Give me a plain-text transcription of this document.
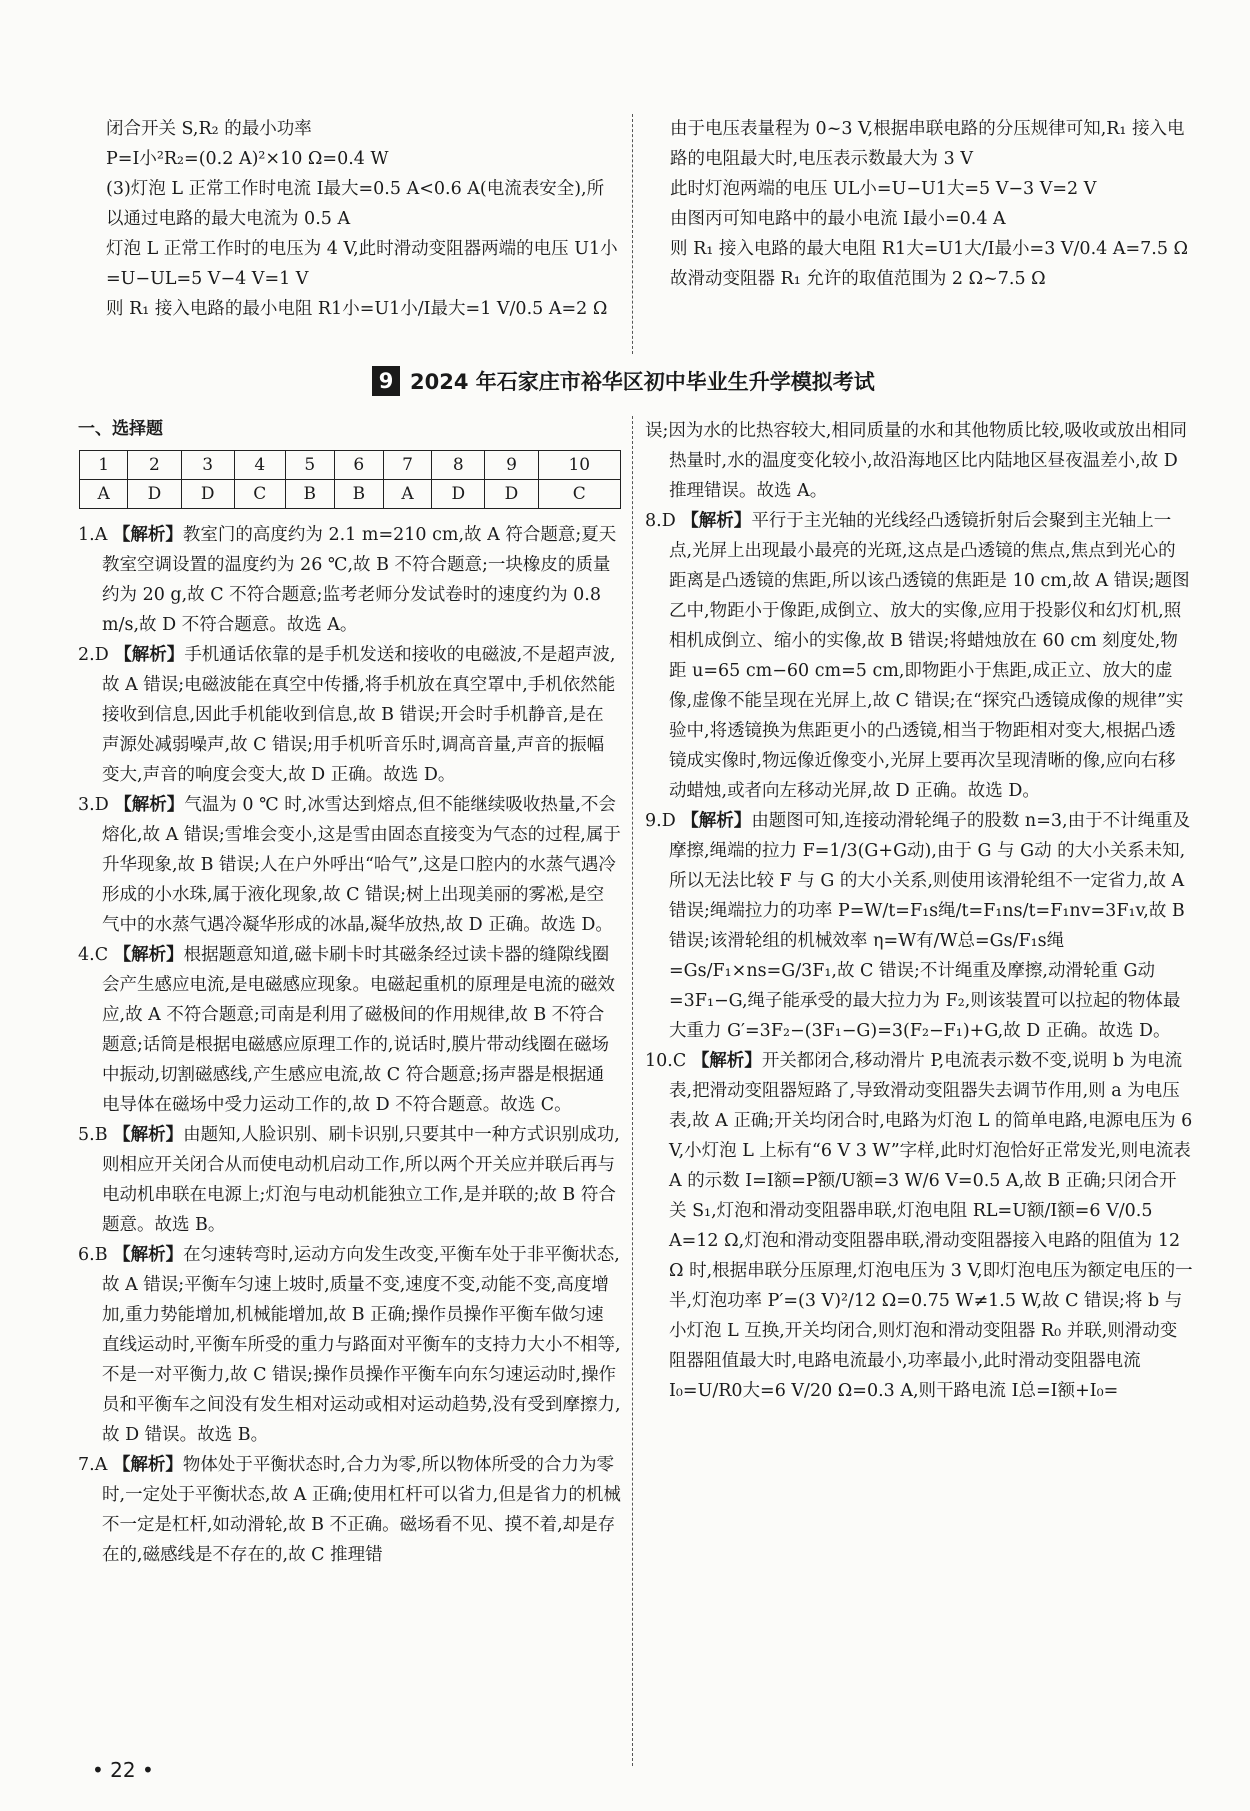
闭合开关 S,R₂ 的最小功率

P=I小²R₂=(0.2 A)²×10 Ω=0.4 W

(3)灯泡 L 正常工作时电流 I最大=0.5 A<0.6 A(电流表安全),所以通过电路的最大电流为 0.5 A

灯泡 L 正常工作时的电压为 4 V,此时滑动变阻器两端的电压 U1小=U−UL=5 V−4 V=1 V

则 R₁ 接入电路的最小电阻 R1小=U1小/I最大=1 V/0.5 A=2 Ω

由于电压表量程为 0~3 V,根据串联电路的分压规律可知,R₁ 接入电路的电阻最大时,电压表示数最大为 3 V

此时灯泡两端的电压 UL小=U−U1大=5 V−3 V=2 V

由图丙可知电路中的最小电流 I最小=0.4 A

则 R₁ 接入电路的最大电阻 R1大=U1大/I最小=3 V/0.4 A=7.5 Ω

故滑动变阻器 R₁ 允许的取值范围为 2 Ω~7.5 Ω

9 2024 年石家庄市裕华区初中毕业生升学模拟考试
一、选择题
1	2	3	4	5	6	7	8	9	10
A	D	D	C	B	B	A	D	D	C

1.A 【解析】教室门的高度约为 2.1 m=210 cm,故 A 符合题意;夏天教室空调设置的温度约为 26 ℃,故 B 不符合题意;一块橡皮的质量约为 20 g,故 C 不符合题意;监考老师分发试卷时的速度约为 0.8 m/s,故 D 不符合题意。故选 A。

2.D 【解析】手机通话依靠的是手机发送和接收的电磁波,不是超声波,故 A 错误;电磁波能在真空中传播,将手机放在真空罩中,手机依然能接收到信息,因此手机能收到信息,故 B 错误;开会时手机静音,是在声源处减弱噪声,故 C 错误;用手机听音乐时,调高音量,声音的振幅变大,声音的响度会变大,故 D 正确。故选 D。

3.D 【解析】气温为 0 ℃ 时,冰雪达到熔点,但不能继续吸收热量,不会熔化,故 A 错误;雪堆会变小,这是雪由固态直接变为气态的过程,属于升华现象,故 B 错误;人在户外呼出“哈气”,这是口腔内的水蒸气遇冷形成的小水珠,属于液化现象,故 C 错误;树上出现美丽的雾凇,是空气中的水蒸气遇冷凝华形成的冰晶,凝华放热,故 D 正确。故选 D。

4.C 【解析】根据题意知道,磁卡刷卡时其磁条经过读卡器的缝隙线圈会产生感应电流,是电磁感应现象。电磁起重机的原理是电流的磁效应,故 A 不符合题意;司南是利用了磁极间的作用规律,故 B 不符合题意;话筒是根据电磁感应原理工作的,说话时,膜片带动线圈在磁场中振动,切割磁感线,产生感应电流,故 C 符合题意;扬声器是根据通电导体在磁场中受力运动工作的,故 D 不符合题意。故选 C。

5.B 【解析】由题知,人脸识别、刷卡识别,只要其中一种方式识别成功,则相应开关闭合从而使电动机启动工作,所以两个开关应并联后再与电动机串联在电源上;灯泡与电动机能独立工作,是并联的;故 B 符合题意。故选 B。

6.B 【解析】在匀速转弯时,运动方向发生改变,平衡车处于非平衡状态,故 A 错误;平衡车匀速上坡时,质量不变,速度不变,动能不变,高度增加,重力势能增加,机械能增加,故 B 正确;操作员操作平衡车做匀速直线运动时,平衡车所受的重力与路面对平衡车的支持力大小不相等,不是一对平衡力,故 C 错误;操作员操作平衡车向东匀速运动时,操作员和平衡车之间没有发生相对运动或相对运动趋势,没有受到摩擦力,故 D 错误。故选 B。

7.A 【解析】物体处于平衡状态时,合力为零,所以物体所受的合力为零时,一定处于平衡状态,故 A 正确;使用杠杆可以省力,但是省力的机械不一定是杠杆,如动滑轮,故 B 不正确。磁场看不见、摸不着,却是存在的,磁感线是不存在的,故 C 推理错

误;因为水的比热容较大,相同质量的水和其他物质比较,吸收或放出相同热量时,水的温度变化较小,故沿海地区比内陆地区昼夜温差小,故 D 推理错误。故选 A。

8.D 【解析】平行于主光轴的光线经凸透镜折射后会聚到主光轴上一点,光屏上出现最小最亮的光斑,这点是凸透镜的焦点,焦点到光心的距离是凸透镜的焦距,所以该凸透镜的焦距是 10 cm,故 A 错误;题图乙中,物距小于像距,成倒立、放大的实像,应用于投影仪和幻灯机,照相机成倒立、缩小的实像,故 B 错误;将蜡烛放在 60 cm 刻度处,物距 u=65 cm−60 cm=5 cm,即物距小于焦距,成正立、放大的虚像,虚像不能呈现在光屏上,故 C 错误;在“探究凸透镜成像的规律”实验中,将透镜换为焦距更小的凸透镜,相当于物距相对变大,根据凸透镜成实像时,物远像近像变小,光屏上要再次呈现清晰的像,应向右移动蜡烛,或者向左移动光屏,故 D 正确。故选 D。

9.D 【解析】由题图可知,连接动滑轮绳子的股数 n=3,由于不计绳重及摩擦,绳端的拉力 F=1/3(G+G动),由于 G 与 G动 的大小关系未知,所以无法比较 F 与 G 的大小关系,则使用该滑轮组不一定省力,故 A 错误;绳端拉力的功率 P=W/t=F₁s绳/t=F₁ns/t=F₁nv=3F₁v,故 B 错误;该滑轮组的机械效率 η=W有/W总=Gs/F₁s绳=Gs/F₁×ns=G/3F₁,故 C 错误;不计绳重及摩擦,动滑轮重 G动=3F₁−G,绳子能承受的最大拉力为 F₂,则该装置可以拉起的物体最大重力 G′=3F₂−(3F₁−G)=3(F₂−F₁)+G,故 D 正确。故选 D。

10.C 【解析】开关都闭合,移动滑片 P,电流表示数不变,说明 b 为电流表,把滑动变阻器短路了,导致滑动变阻器失去调节作用,则 a 为电压表,故 A 正确;开关均闭合时,电路为灯泡 L 的简单电路,电源电压为 6 V,小灯泡 L 上标有“6 V 3 W”字样,此时灯泡恰好正常发光,则电流表 A 的示数 I=I额=P额/U额=3 W/6 V=0.5 A,故 B 正确;只闭合开关 S₁,灯泡和滑动变阻器串联,灯泡电阻 RL=U额/I额=6 V/0.5 A=12 Ω,灯泡和滑动变阻器串联,滑动变阻器接入电路的阻值为 12 Ω 时,根据串联分压原理,灯泡电压为 3 V,即灯泡电压为额定电压的一半,灯泡功率 P′=(3 V)²/12 Ω=0.75 W≠1.5 W,故 C 错误;将 b 与小灯泡 L 互换,开关均闭合,则灯泡和滑动变阻器 R₀ 并联,则滑动变阻器阻值最大时,电路电流最小,功率最小,此时滑动变阻器电流 I₀=U/R0大=6 V/20 Ω=0.3 A,则干路电流 I总=I额+I₀=

• 22 •
